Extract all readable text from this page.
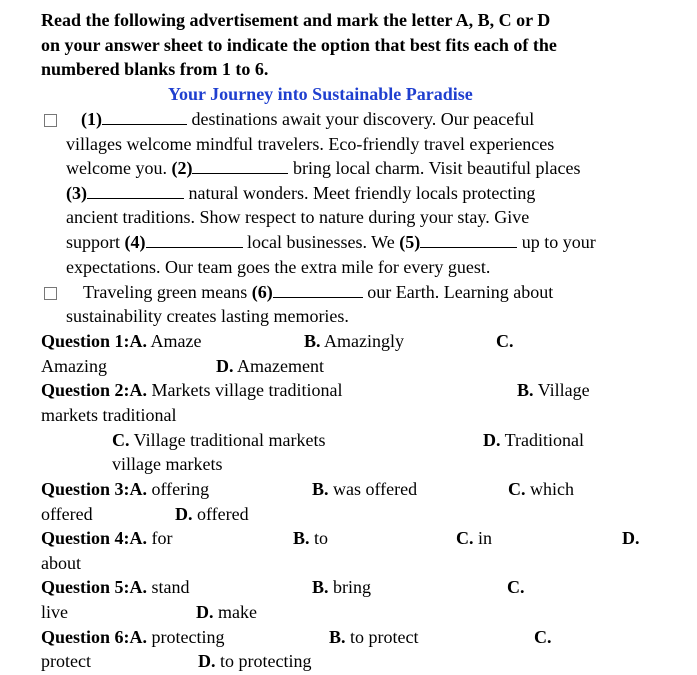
Read the following advertisement and mark the letter A, B, C or D
on your answer sheet to indicate the option that best fits each of the
numbered blanks from 1 to 6.
Your Journey into Sustainable Paradise
(1)	destinations await your discovery. Our peaceful
villages welcome mindful travelers. Eco-friendly travel experiences
welcome you. (2)	bring local charm. Visit beautiful places
(3)	natural wonders. Meet friendly locals protecting
ancient traditions. Show respect to nature during your stay. Give
support (4)	local businesses. We (5)	up to your
expectations. Our team goes the extra mile for every guest.
Traveling green means (6)	our Earth. Learning about
sustainability creates lasting memories.
Question 1:A. Amaze	B. Amazingly	C.
Amazing	D. Amazement
Question 2:A. Markets village traditional	B. Village
markets traditional
C. Village traditional markets	D. Traditional
village markets
Question 3:A. offering	B. was offered	C. which
offered	D. offered
Question 4:A. for	B. to	C. in	D.
about
Question 5:A. stand	B. bring	C.
live	D. make
Question 6:A. protecting	B. to protect	C.
protect	D. to protecting
